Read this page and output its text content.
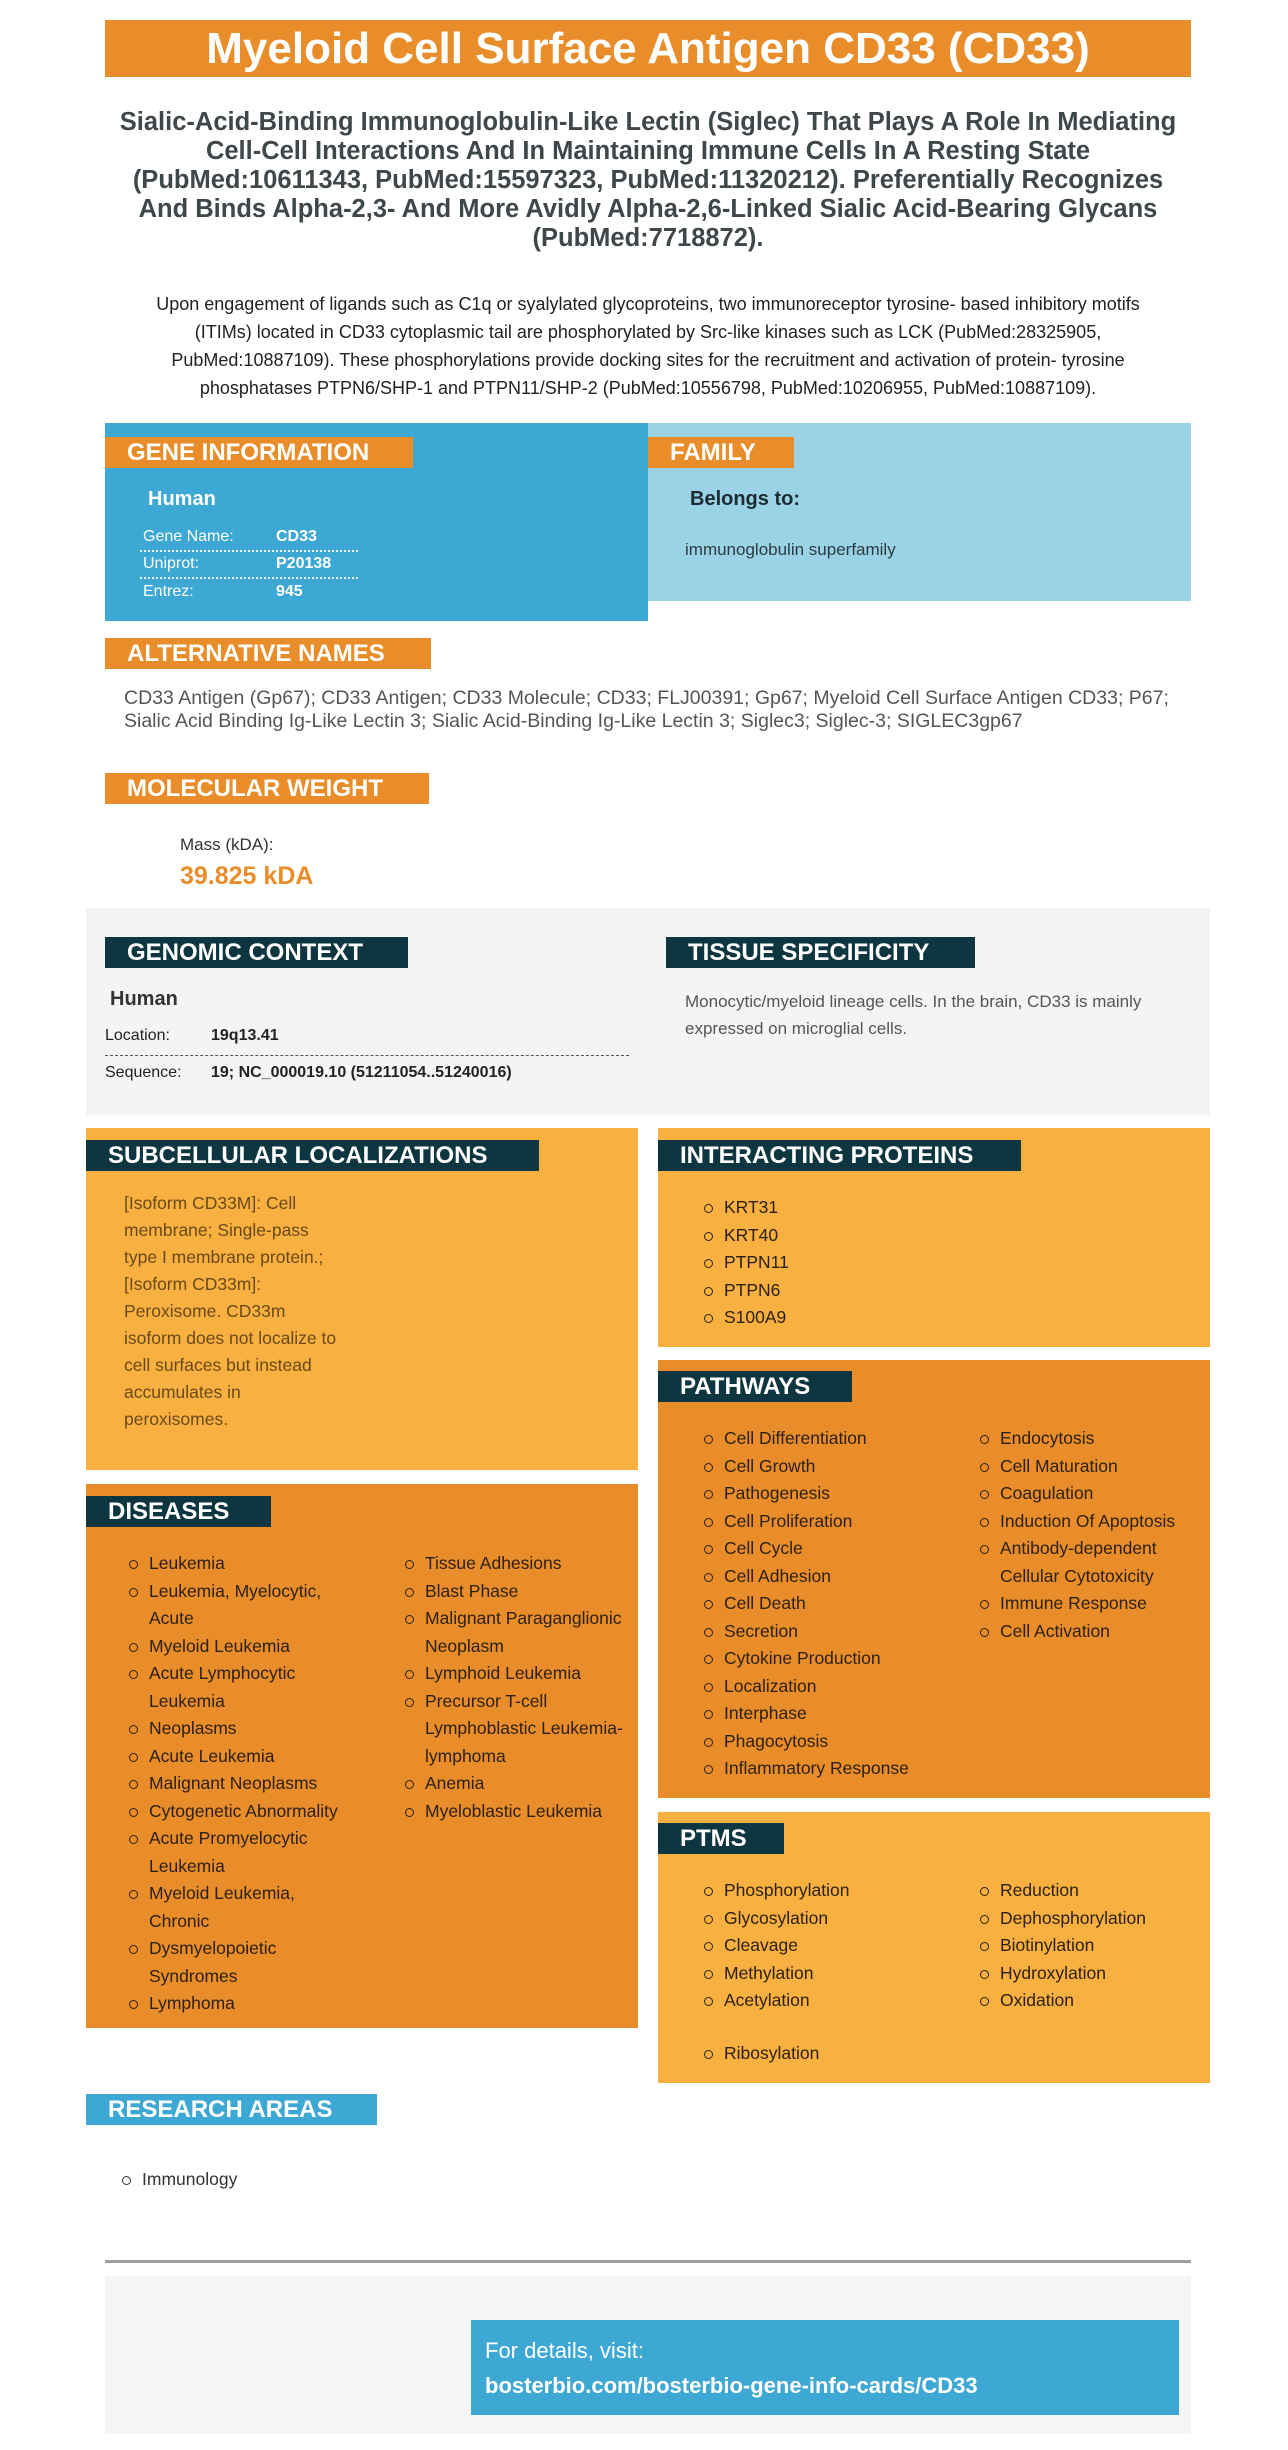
Myeloid Cell Surface Antigen CD33 (CD33)
Sialic-Acid-Binding Immunoglobulin-Like Lectin (Siglec) That Plays A Role In Mediating Cell-Cell Interactions And In Maintaining Immune Cells In A Resting State (PubMed:10611343, PubMed:15597323, PubMed:11320212). Preferentially Recognizes And Binds Alpha-2,3- And More Avidly Alpha-2,6-Linked Sialic Acid-Bearing Glycans (PubMed:7718872).
Upon engagement of ligands such as C1q or syalylated glycoproteins, two immunoreceptor tyrosine- based inhibitory motifs (ITIMs) located in CD33 cytoplasmic tail are phosphorylated by Src-like kinases such as LCK (PubMed:28325905, PubMed:10887109). These phosphorylations provide docking sites for the recruitment and activation of protein- tyrosine phosphatases PTPN6/SHP-1 and PTPN11/SHP-2 (PubMed:10556798, PubMed:10206955, PubMed:10887109).
GENE INFORMATION
Human
Gene Name:	CD33
Uniprot:	P20138
Entrez:	945
FAMILY
Belongs to:
immunoglobulin superfamily
ALTERNATIVE NAMES
CD33 Antigen (Gp67); CD33 Antigen; CD33 Molecule; CD33; FLJ00391; Gp67; Myeloid Cell Surface Antigen CD33; P67; Sialic Acid Binding Ig-Like Lectin 3; Sialic Acid-Binding Ig-Like Lectin 3; Siglec3; Siglec-3; SIGLEC3gp67
MOLECULAR WEIGHT
Mass (kDA):
39.825 kDA
GENOMIC CONTEXT
Human
Location:	19q13.41
Sequence: 19; NC_000019.10 (51211054..51240016)
TISSUE SPECIFICITY
Monocytic/myeloid lineage cells. In the brain, CD33 is mainly expressed on microglial cells.
SUBCELLULAR LOCALIZATIONS
[Isoform CD33M]: Cell membrane; Single-pass type I membrane protein.; [Isoform CD33m]: Peroxisome. CD33m isoform does not localize to cell surfaces but instead accumulates in peroxisomes.
INTERACTING PROTEINS
KRT31
KRT40
PTPN11
PTPN6
S100A9
PATHWAYS
Cell Differentiation
Cell Growth
Pathogenesis
Cell Proliferation
Cell Cycle
Cell Adhesion
Cell Death
Secretion
Cytokine Production
Localization
Interphase
Phagocytosis
Inflammatory Response
Endocytosis
Cell Maturation
Coagulation
Induction Of Apoptosis
Antibody-dependent Cellular Cytotoxicity
Immune Response
Cell Activation
DISEASES
Leukemia
Leukemia, Myelocytic, Acute
Myeloid Leukemia
Acute Lymphocytic Leukemia
Neoplasms
Acute Leukemia
Malignant Neoplasms
Cytogenetic Abnormality
Acute Promyelocytic Leukemia
Myeloid Leukemia, Chronic
Dysmyelopoietic Syndromes
Lymphoma
Tissue Adhesions
Blast Phase
Malignant Paraganglionic Neoplasm
Lymphoid Leukemia
Precursor T-cell Lymphoblastic Leukemia-lymphoma
Anemia
Myeloblastic Leukemia
PTMS
Phosphorylation
Glycosylation
Cleavage
Methylation
Acetylation
Reduction
Dephosphorylation
Biotinylation
Hydroxylation
Oxidation
Ribosylation
RESEARCH AREAS
Immunology
For details, visit:
bosterbio.com/bosterbio-gene-info-cards/CD33
